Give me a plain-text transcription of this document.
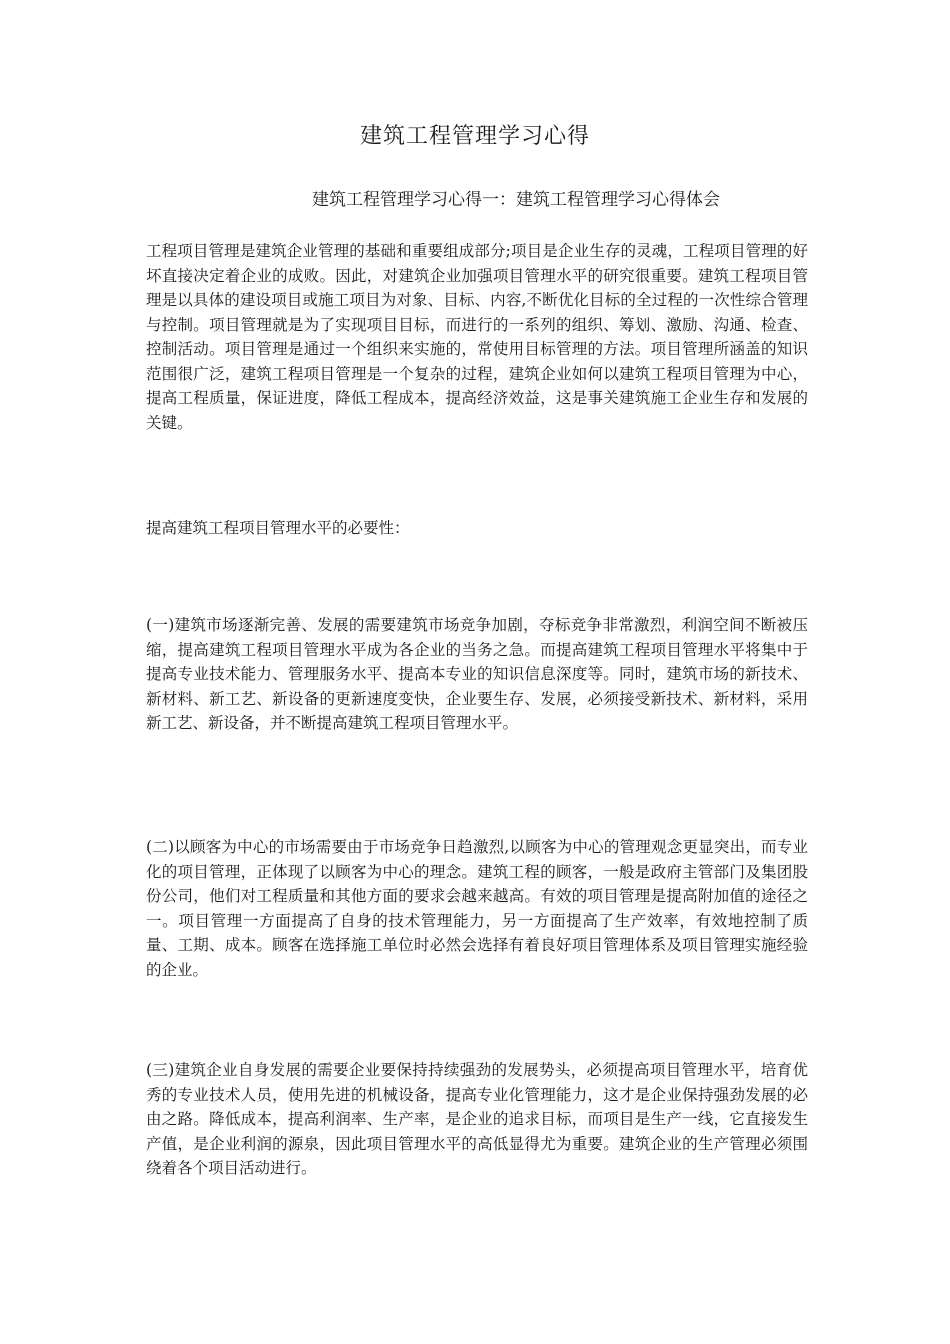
建筑工程管理学习心得
建筑工程管理学习心得一：建筑工程管理学习心得体会
工程项目管理是建筑企业管理的基础和重要组成部分;项目是企业生存的灵魂，工程项目管理的好坏直接决定着企业的成败。因此，对建筑企业加强项目管理水平的研究很重要。建筑工程项目管理是以具体的建设项目或施工项目为对象、目标、内容,不断优化目标的全过程的一次性综合管理与控制。项目管理就是为了实现项目目标，而进行的一系列的组织、筹划、激励、沟通、检查、控制活动。项目管理是通过一个组织来实施的，常使用目标管理的方法。项目管理所涵盖的知识范围很广泛，建筑工程项目管理是一个复杂的过程，建筑企业如何以建筑工程项目管理为中心，提高工程质量，保证进度，降低工程成本，提高经济效益，这是事关建筑施工企业生存和发展的关键。
提高建筑工程项目管理水平的必要性：
(一)建筑市场逐渐完善、发展的需要建筑市场竞争加剧，夺标竞争非常激烈，利润空间不断被压缩，提高建筑工程项目管理水平成为各企业的当务之急。而提高建筑工程项目管理水平将集中于提高专业技术能力、管理服务水平、提高本专业的知识信息深度等。同时，建筑市场的新技术、新材料、新工艺、新设备的更新速度变快，企业要生存、发展，必须接受新技术、新材料，采用新工艺、新设备，并不断提高建筑工程项目管理水平。
(二)以顾客为中心的市场需要由于市场竞争日趋激烈,以顾客为中心的管理观念更显突出，而专业化的项目管理，正体现了以顾客为中心的理念。建筑工程的顾客，一般是政府主管部门及集团股份公司，他们对工程质量和其他方面的要求会越来越高。有效的项目管理是提高附加值的途径之一。项目管理一方面提高了自身的技术管理能力，另一方面提高了生产效率，有效地控制了质量、工期、成本。顾客在选择施工单位时必然会选择有着良好项目管理体系及项目管理实施经验的企业。
(三)建筑企业自身发展的需要企业要保持持续强劲的发展势头，必须提高项目管理水平，培育优秀的专业技术人员，使用先进的机械设备，提高专业化管理能力，这才是企业保持强劲发展的必由之路。降低成本，提高利润率、生产率，是企业的追求目标，而项目是生产一线，它直接发生产值，是企业利润的源泉，因此项目管理水平的高低显得尤为重要。建筑企业的生产管理必须围绕着各个项目活动进行。
